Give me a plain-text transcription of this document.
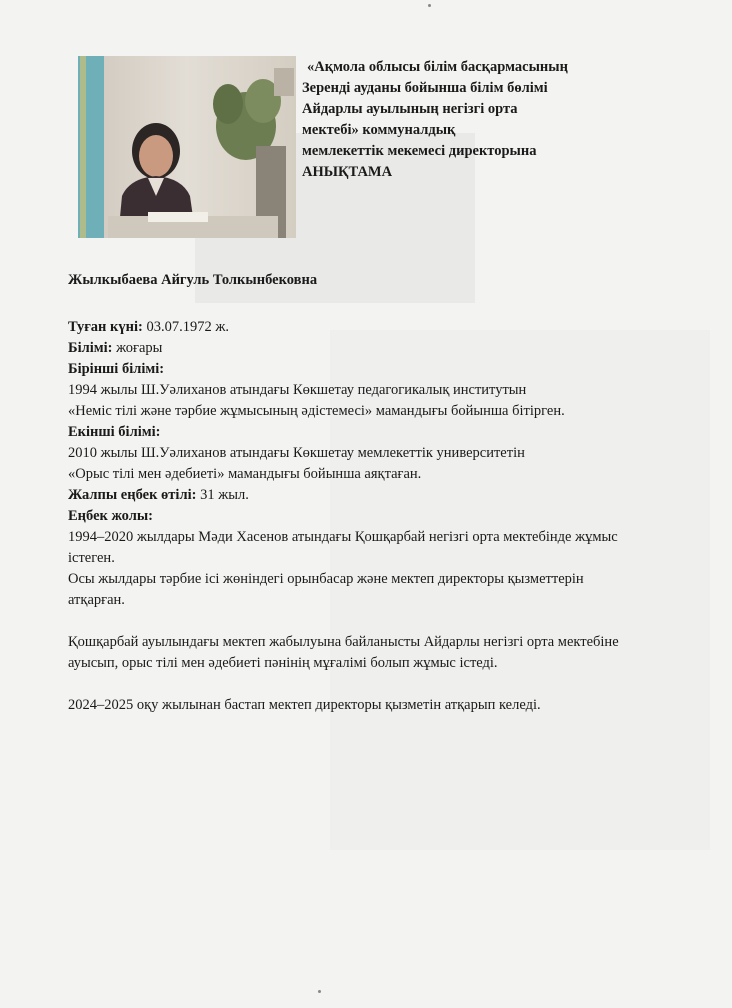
«Ақмола облысы білім басқармасының
Зеренді ауданы бойынша білім бөлімі
Айдарлы ауылының негізгі орта
мектебі» коммуналдық
мемлекеттік мекемесі директорына
АНЫҚТАМА
Жылкыбаева Айгуль Толкынбековна
Туған күні: 03.07.1972 ж.
Білімі: жоғары
Бірінші білімі:
1994 жылы Ш.Уәлиханов атындағы Көкшетау педагогикалық институтын
«Неміс тілі және тәрбие жұмысының әдістемесі» мамандығы бойынша бітірген.
Екінші білімі:
2010 жылы Ш.Уәлиханов атындағы Көкшетау мемлекеттік университетін
«Орыс тілі мен әдебиеті» мамандығы бойынша аяқтаған.
Жалпы еңбек өтілі: 31 жыл.
Еңбек жолы:
1994–2020 жылдары Мәди Хасенов атындағы Қошқарбай негізгі орта мектебінде жұмыс
істеген.
Осы жылдары тәрбие ісі жөніндегі орынбасар және мектеп директоры қызметтерін
атқарған.
Қошқарбай ауылындағы мектеп жабылуына байланысты Айдарлы негізгі орта мектебіне
ауысып, орыс тілі мен әдебиеті пәнінің мұғалімі болып жұмыс істеді.
2024–2025 оқу жылынан бастап мектеп директоры қызметін атқарып келеді.
